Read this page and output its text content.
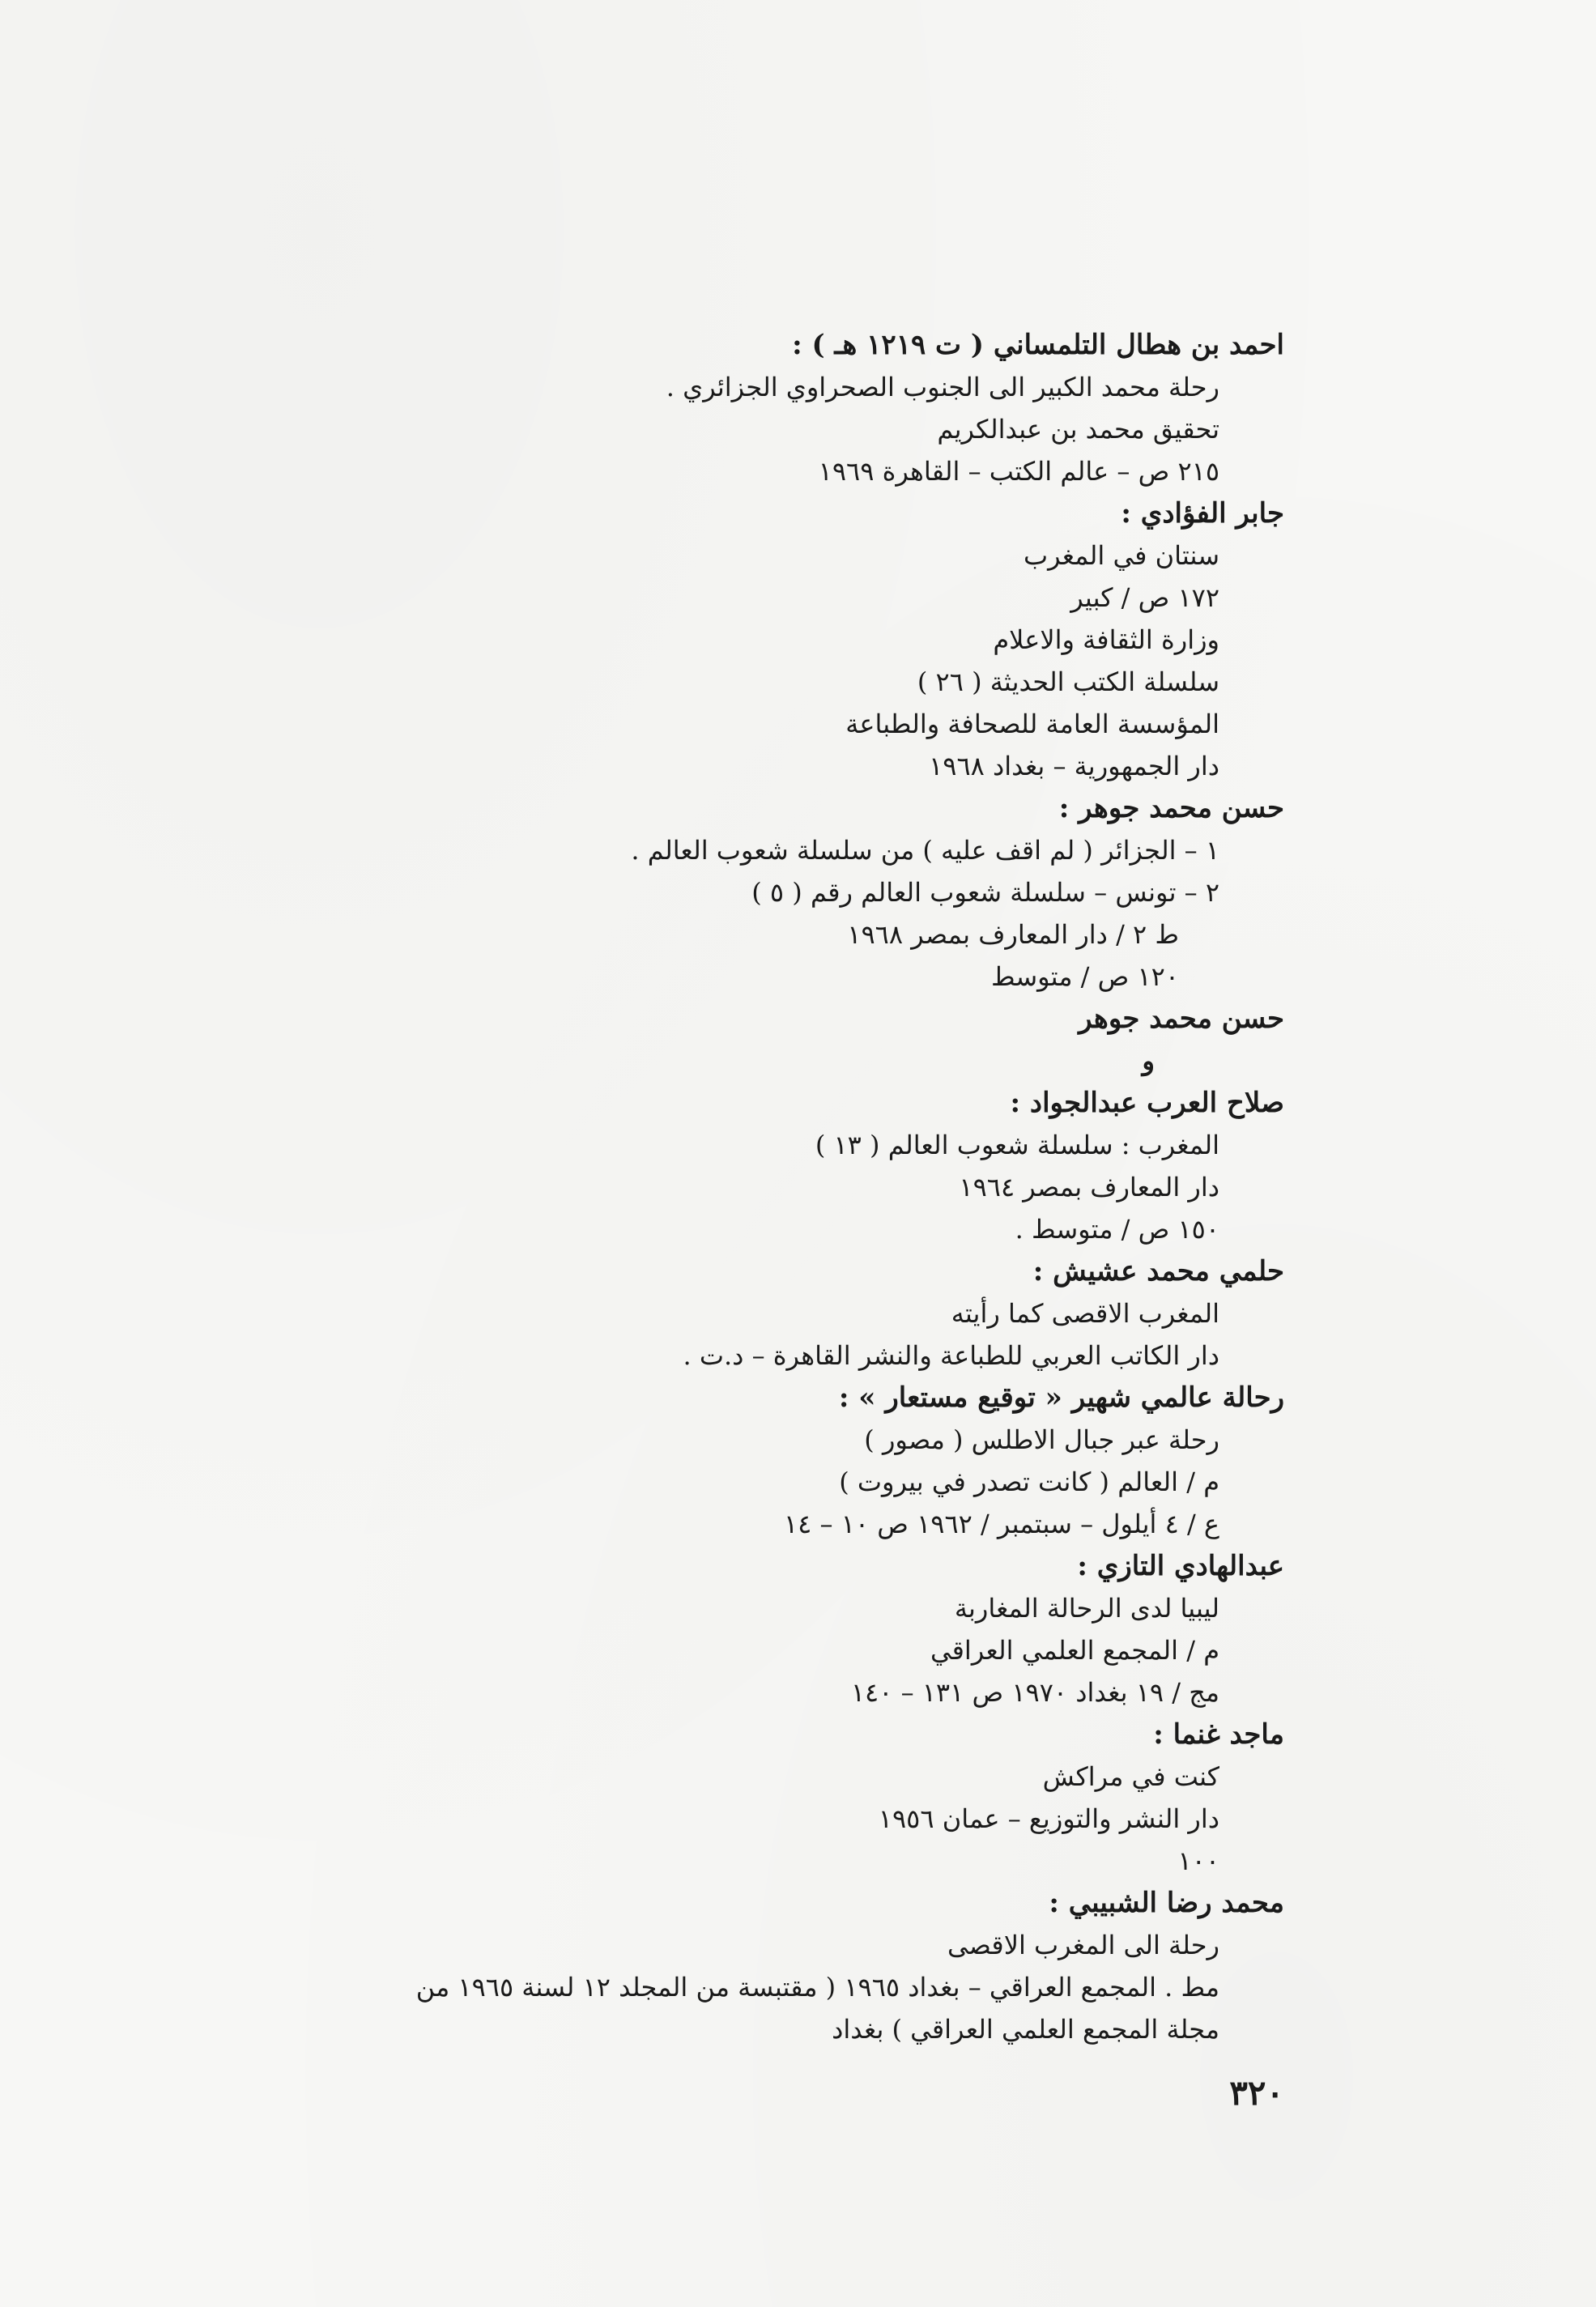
احمد بن هطال التلمساني ( ت ١٢١٩ هـ ) :
رحلة محمد الكبير الى الجنوب الصحراوي الجزائري .
تحقيق محمد بن عبدالكريم
٢١٥ ص – عالم الكتب – القاهرة ١٩٦٩
جابر الفؤادي :
سنتان في المغرب
١٧٢ ص / كبير
وزارة الثقافة والاعلام
سلسلة الكتب الحديثة ( ٢٦ )
المؤسسة العامة للصحافة والطباعة
دار الجمهورية – بغداد ١٩٦٨
حسن محمد جوهر :
١ – الجزائر ( لم اقف عليه ) من سلسلة شعوب العالم .
٢ – تونس – سلسلة شعوب العالم رقم ( ٥ )
ط ٢ / دار المعارف بمصر ١٩٦٨
١٢٠ ص / متوسط
حسن محمد جوهر
و
صلاح العرب عبدالجواد :
المغرب : سلسلة شعوب العالم ( ١٣ )
دار المعارف بمصر ١٩٦٤
١٥٠ ص / متوسط .
حلمي محمد عشيش :
المغرب الاقصى كما رأيته
دار الكاتب العربي للطباعة والنشر القاهرة – د.ت .
رحالة عالمي شهير « توقيع مستعار » :
رحلة عبر جبال الاطلس ( مصور )
م / العالم ( كانت تصدر في بيروت )
ع / ٤ أيلول – سبتمبر / ١٩٦٢ ص ١٠ – ١٤
عبدالهادي التازي :
ليبيا لدى الرحالة المغاربة
م / المجمع العلمي العراقي
مج / ١٩ بغداد ١٩٧٠ ص ١٣١ – ١٤٠
ماجد غنما :
كنت في مراكش
دار النشر والتوزيع – عمان ١٩٥٦
١٠٠
محمد رضا الشبيبي :
رحلة الى المغرب الاقصى
مط . المجمع العراقي – بغداد ١٩٦٥ ( مقتبسة من المجلد ١٢ لسنة ١٩٦٥ من
مجلة المجمع العلمي العراقي ) بغداد
٣٢٠
